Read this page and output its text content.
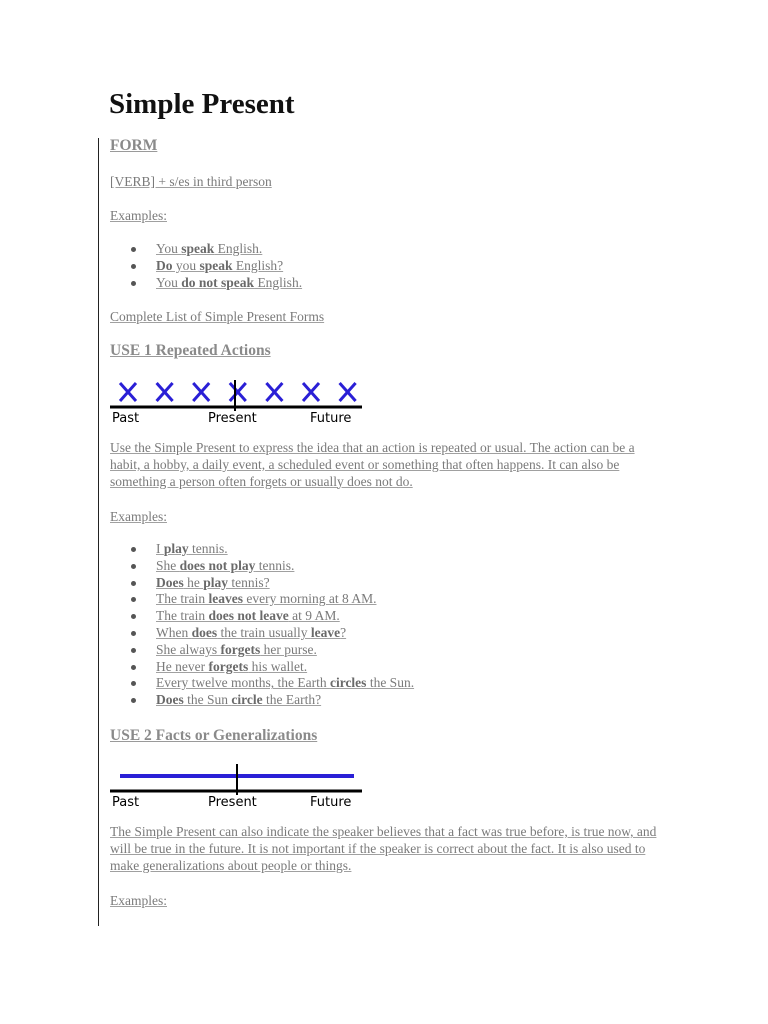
Simple Present
FORM
[VERB] + s/es in third person
Examples:
You speak English.
Do you speak English?
You do not speak English.
Complete List of Simple Present Forms
USE 1 Repeated Actions
Past	Present	Future
Use the Simple Present to express the idea that an action is repeated or usual. The action can be a habit, a hobby, a daily event, a scheduled event or something that often happens. It can also be something a person often forgets or usually does not do.
Examples:
I play tennis.
She does not play tennis.
Does he play tennis?
The train leaves every morning at 8 AM.
The train does not leave at 9 AM.
When does the train usually leave?
She always forgets her purse.
He never forgets his wallet.
Every twelve months, the Earth circles the Sun.
Does the Sun circle the Earth?
USE 2 Facts or Generalizations
Past	Present	Future
The Simple Present can also indicate the speaker believes that a fact was true before, is true now, and will be true in the future. It is not important if the speaker is correct about the fact. It is also used to make generalizations about people or things.
Examples:
